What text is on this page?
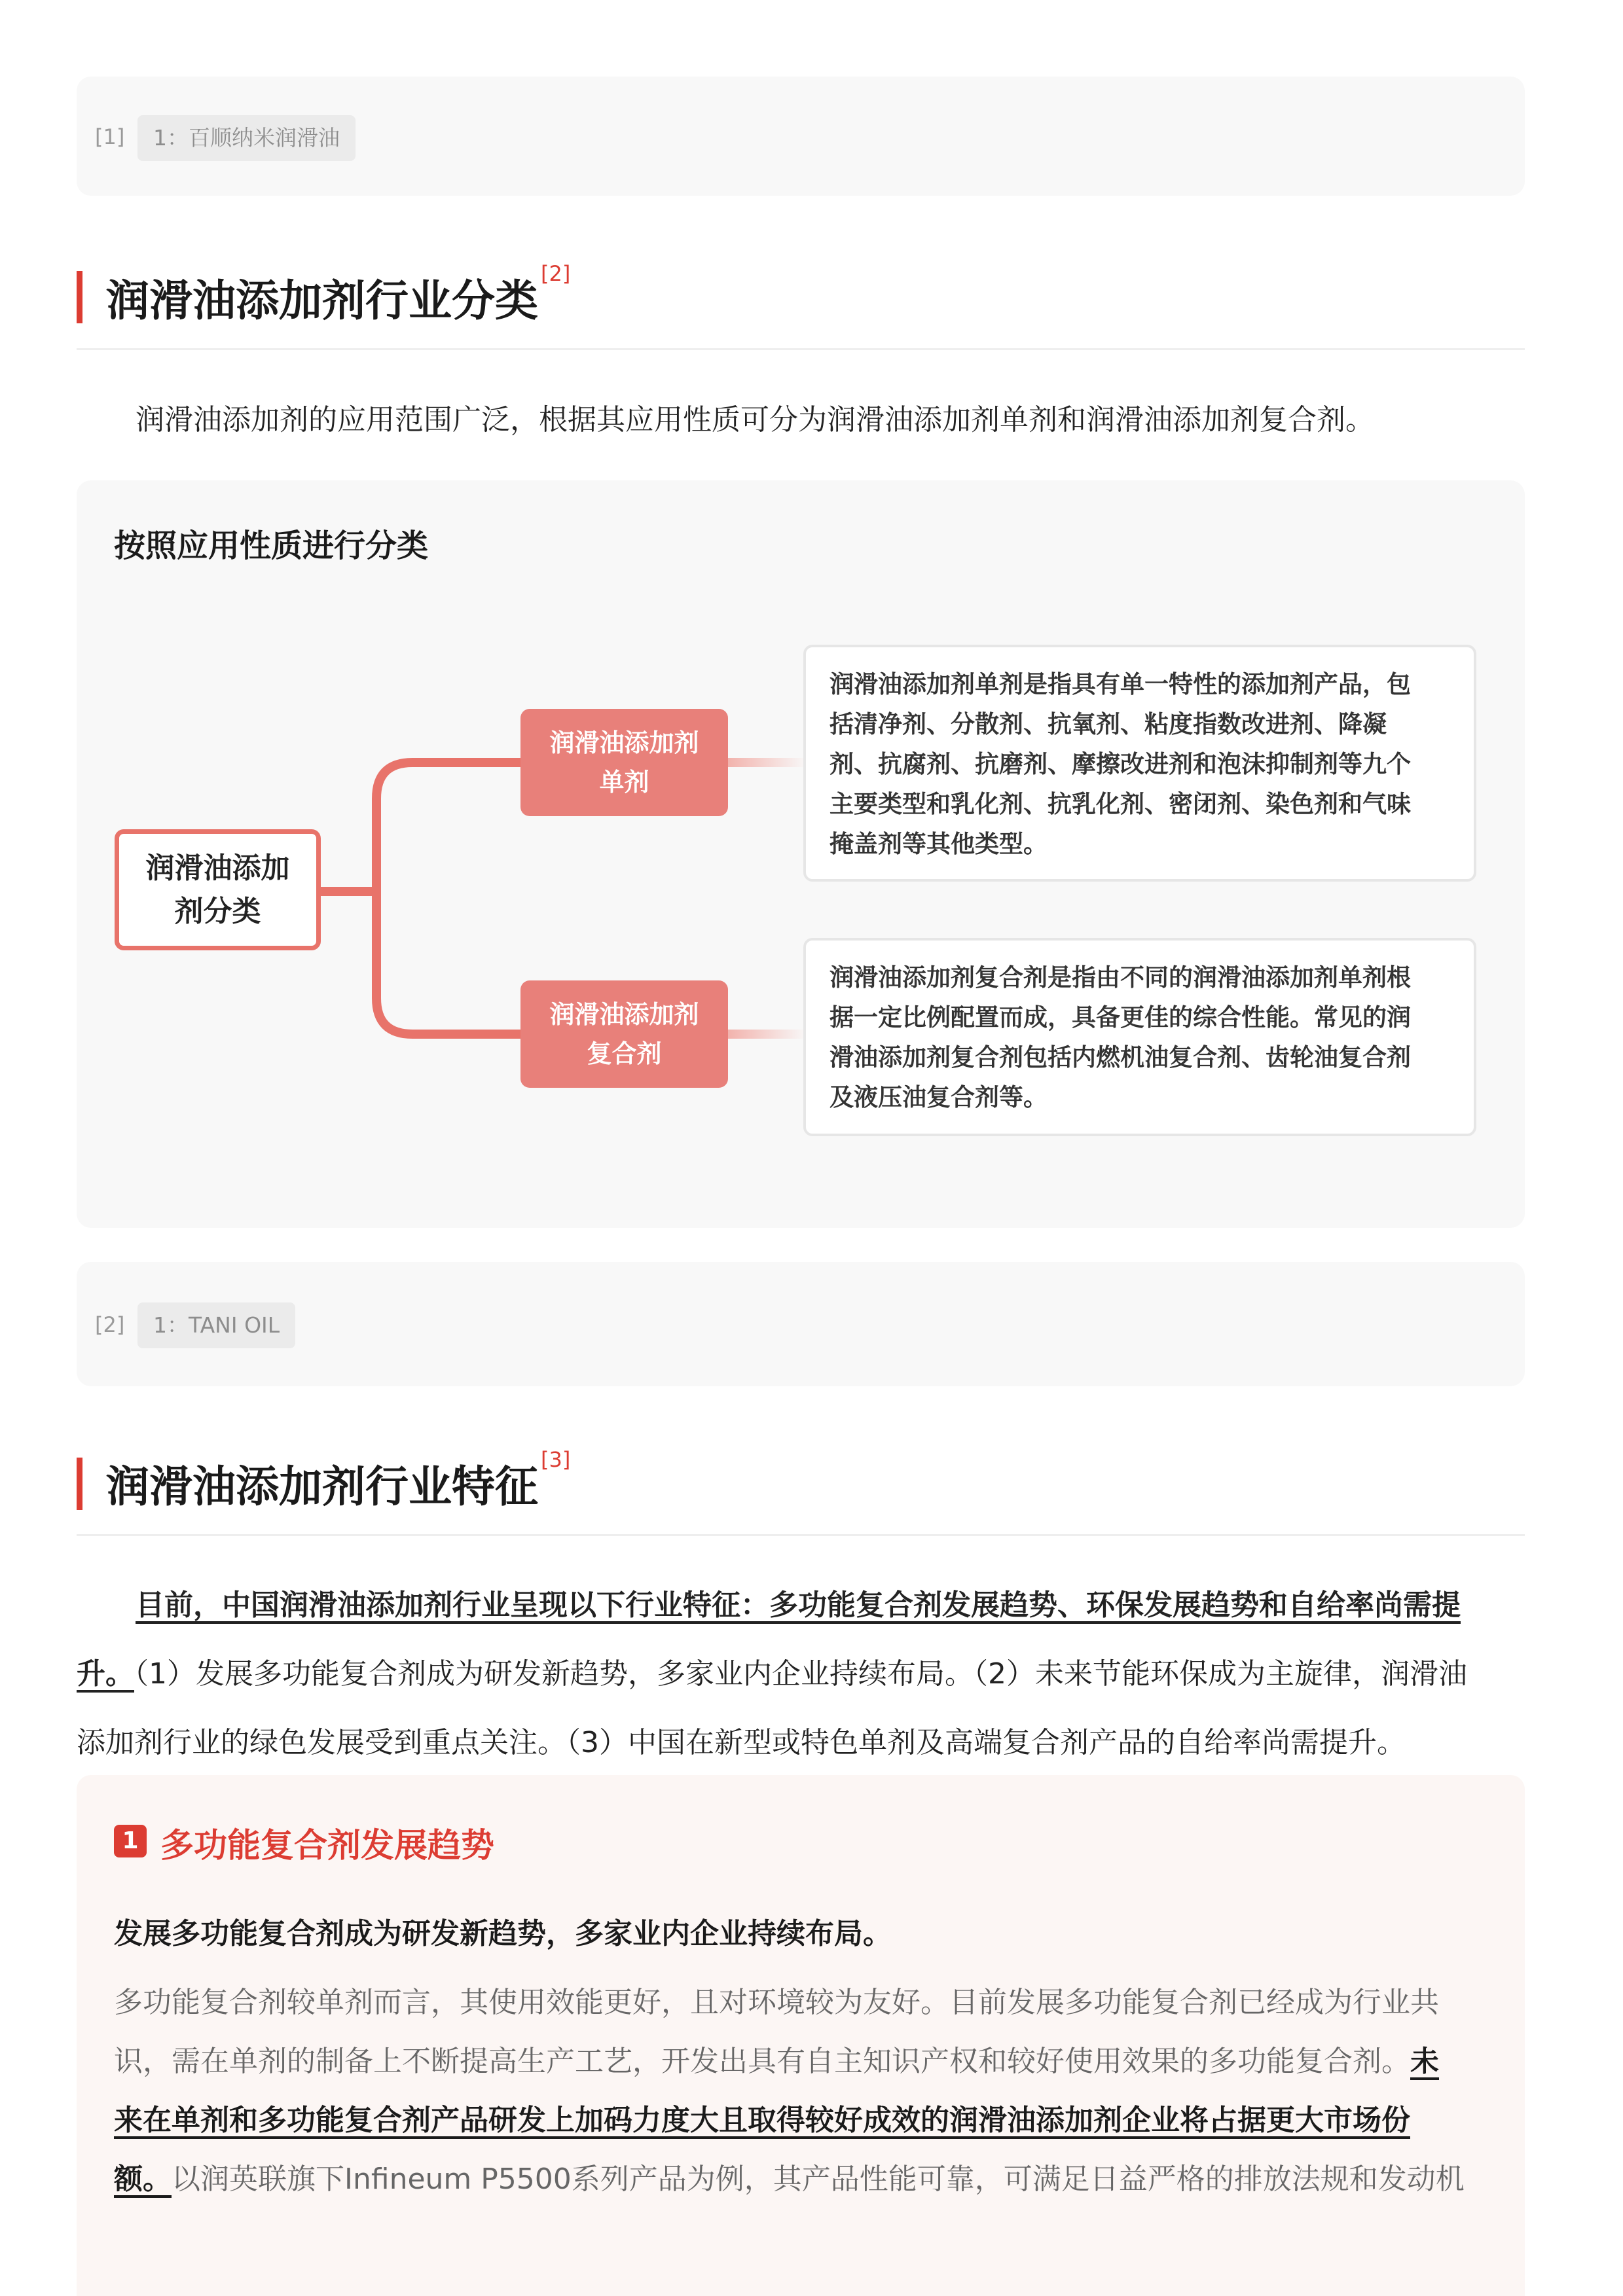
[1]	1：百顺纳米润滑油
润滑油添加剂行业分类[2]
润滑油添加剂的应用范围广泛，根据其应用性质可分为润滑油添加剂单剂和润滑油添加剂复合剂。
按照应用性质进行分类
润滑油添加
剂分类
润滑油添加剂
单剂
润滑油添加剂
复合剂
润滑油添加剂单剂是指具有单一特性的添加剂产品，包
括清净剂、分散剂、抗氧剂、粘度指数改进剂、降凝
剂、抗腐剂、抗磨剂、摩擦改进剂和泡沫抑制剂等九个
主要类型和乳化剂、抗乳化剂、密闭剂、染色剂和气味
掩盖剂等其他类型。
润滑油添加剂复合剂是指由不同的润滑油添加剂单剂根
据一定比例配置而成，具备更佳的综合性能。常见的润
滑油添加剂复合剂包括内燃机油复合剂、齿轮油复合剂
及液压油复合剂等。
[2]	1：TANI OIL
润滑油添加剂行业特征[3]
目前，中国润滑油添加剂行业呈现以下行业特征：多功能复合剂发展趋势、环保发展趋势和自给率尚需提
升。（1）发展多功能复合剂成为研发新趋势，多家业内企业持续布局。（2）未来节能环保成为主旋律，润滑油
添加剂行业的绿色发展受到重点关注。（3）中国在新型或特色单剂及高端复合剂产品的自给率尚需提升。
1 多功能复合剂发展趋势
发展多功能复合剂成为研发新趋势，多家业内企业持续布局。
多功能复合剂较单剂而言，其使用效能更好，且对环境较为友好。目前发展多功能复合剂已经成为行业共
识，需在单剂的制备上不断提高生产工艺，开发出具有自主知识产权和较好使用效果的多功能复合剂。未
来在单剂和多功能复合剂产品研发上加码力度大且取得较好成效的润滑油添加剂企业将占据更大市场份
额。以润英联旗下Infineum P5500系列产品为例，其产品性能可靠，可满足日益严格的排放法规和发动机
